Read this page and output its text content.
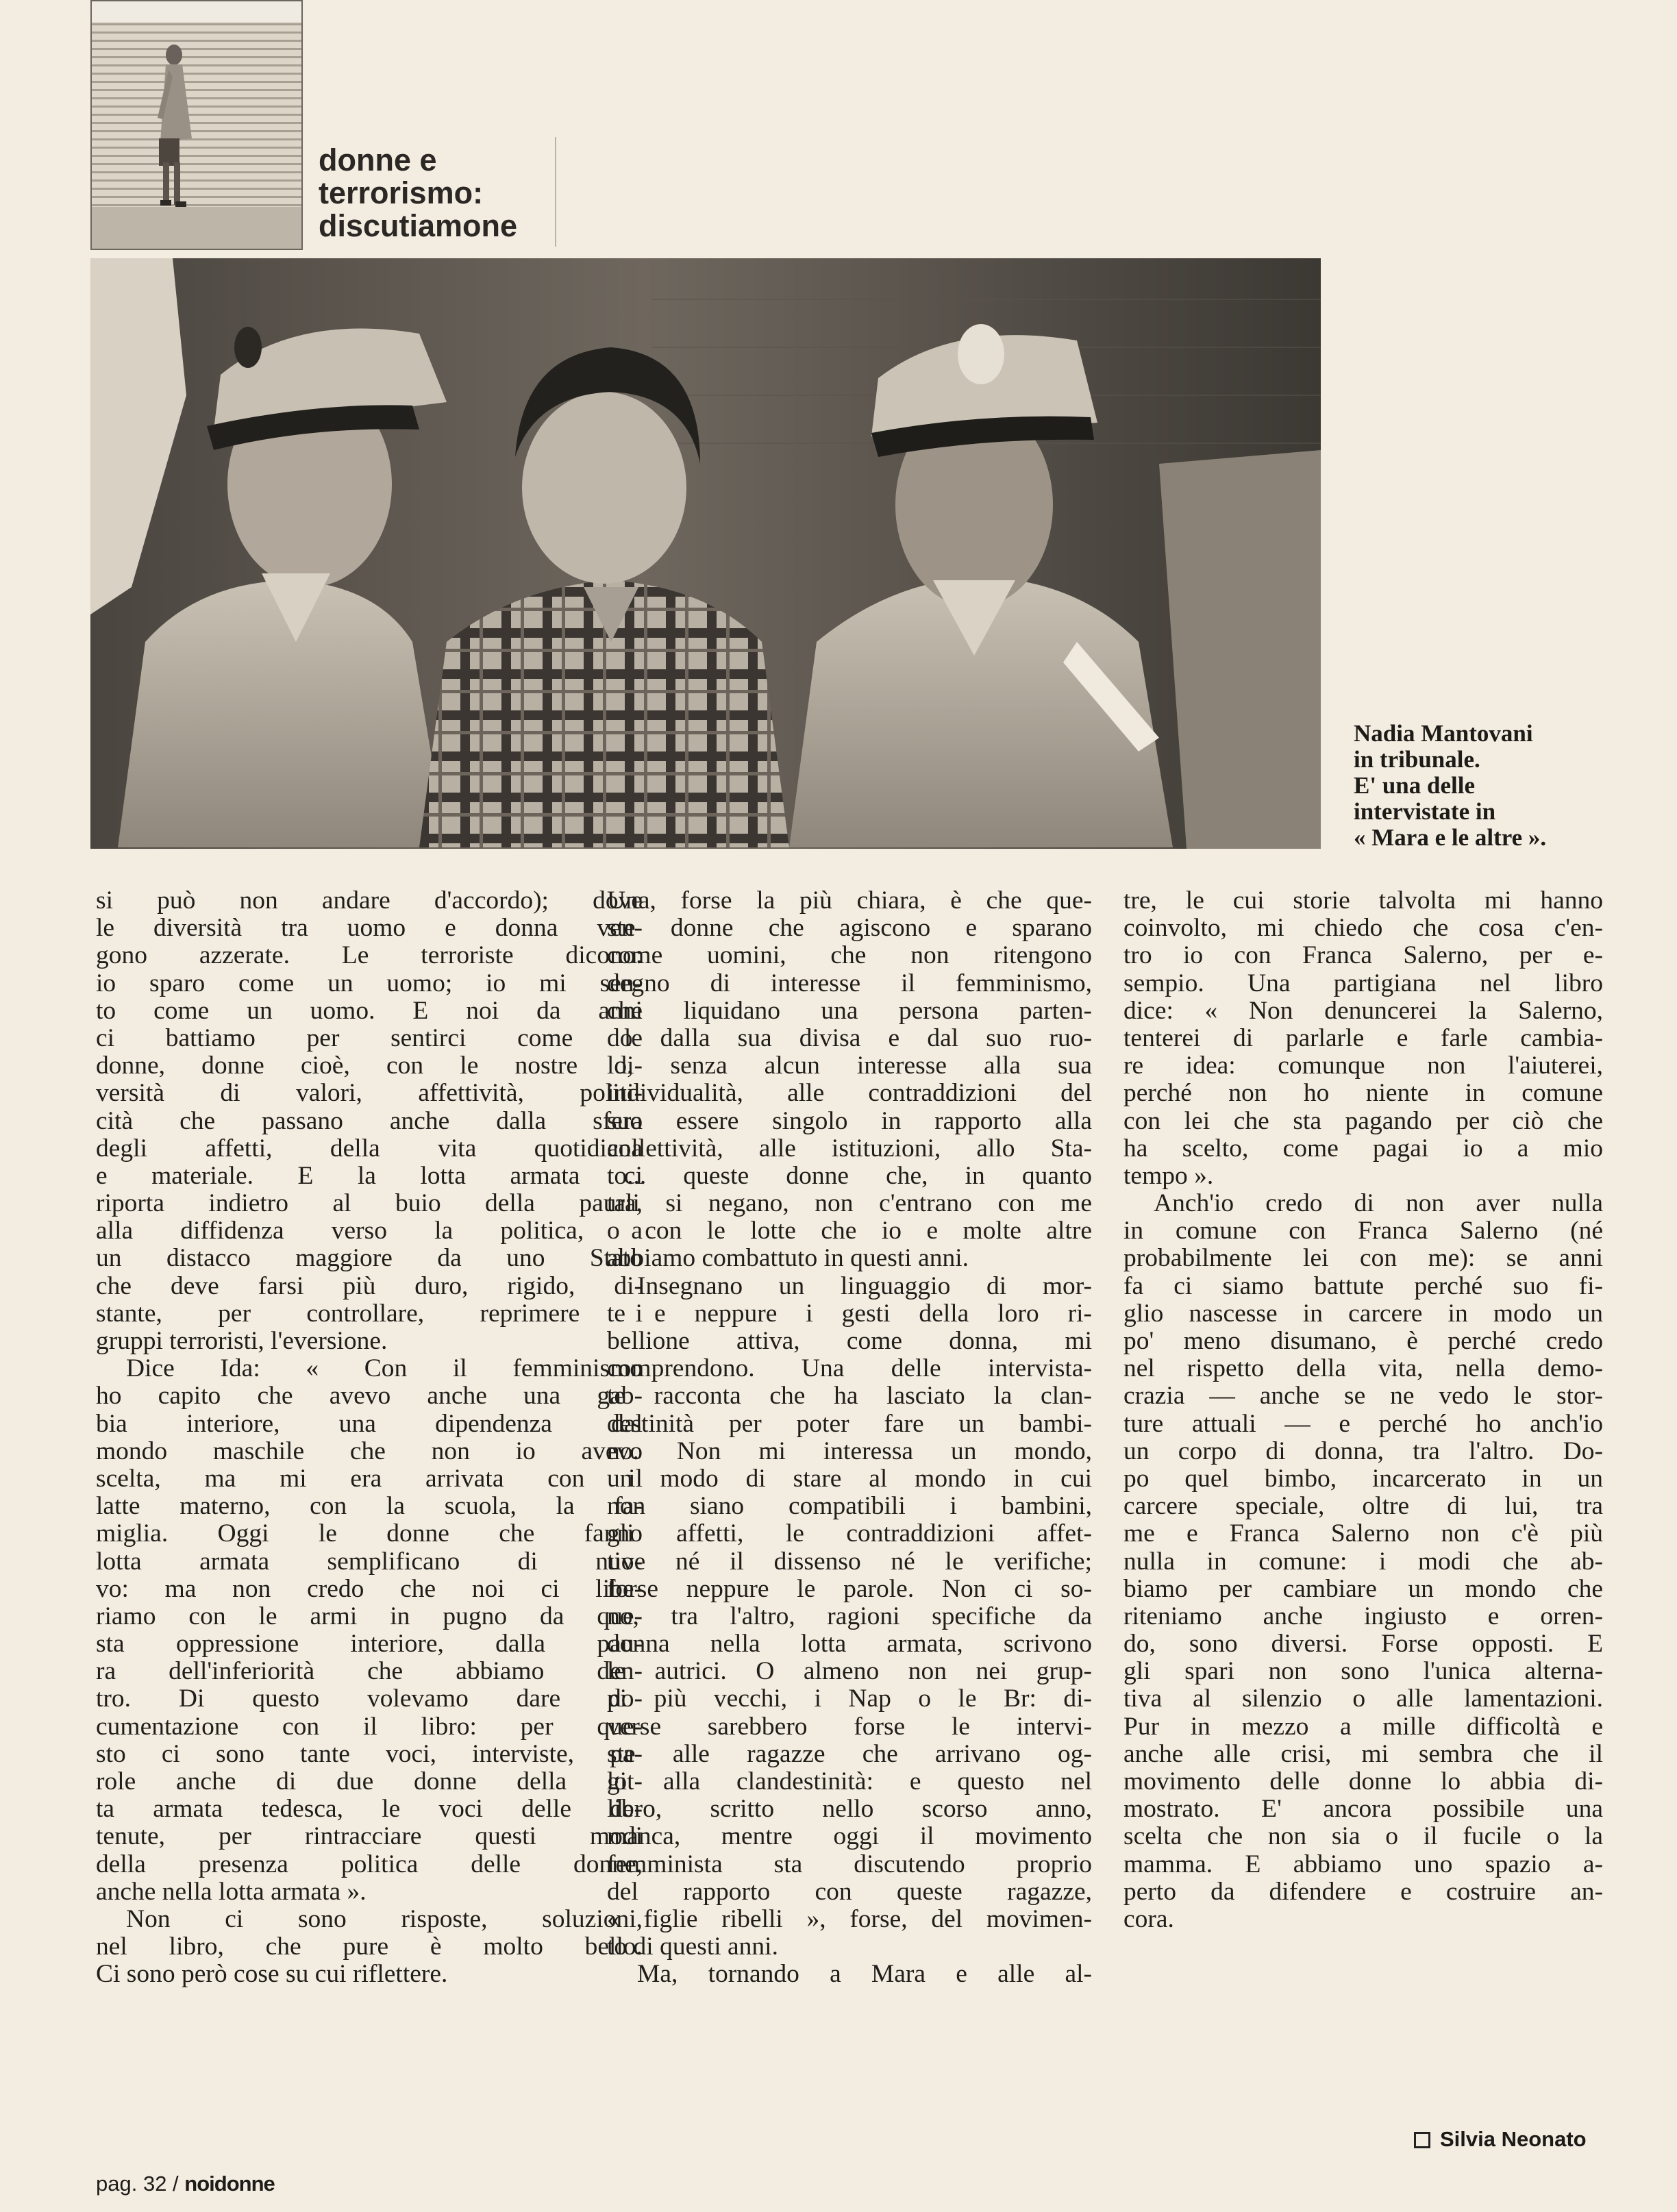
donne e
terrorismo:
discutiamone

Nadia Mantovani
in tribunale.
E' una delle
intervistate in
« Mara e le altre ».

si può non andare d'accordo); dove
le diversità tra uomo e donna ven-
gono azzerate. Le terroriste dicono:
io sparo come un uomo; io mi sen-
to come un uomo. E noi da anni
ci battiamo per sentirci come le
donne, donne cioè, con le nostre di-
versità di valori, affettività, politi-
cità che passano anche dalla sfera
degli affetti, della vita quotidiana
e materiale. E la lotta armata ci
riporta indietro al buio della paura,
alla diffidenza verso la politica, a
un distacco maggiore da uno Stato
che deve farsi più duro, rigido, di-
stante, per controllare, reprimere i
gruppi terroristi, l'eversione.
Dice Ida: « Con il femminismo
ho capito che avevo anche una gab-
bia interiore, una dipendenza dal
mondo maschile che non io avevo
scelta, ma mi era arrivata con il
latte materno, con la scuola, la fa-
miglia. Oggi le donne che fanno
lotta armata semplificano di nuo-
vo: ma non credo che noi ci libe-
riamo con le armi in pugno da que-
sta oppressione interiore, dalla pau-
ra dell'inferiorità che abbiamo den-
tro. Di questo volevamo dare do-
cumentazione con il libro: per que-
sto ci sono tante voci, interviste, pa-
role anche di due donne della lot-
ta armata tedesca, le voci delle de-
tenute, per rintracciare questi modi
della presenza politica delle donne,
anche nella lotta armata ».
Non ci sono risposte, soluzioni,
nel libro, che pure è molto bello.
Ci sono però cose su cui riflettere.
Una, forse la più chiara, è che que-
ste donne che agiscono e sparano
come uomini, che non ritengono
degno di interesse il femminismo,
che liquidano una persona parten-
do dalla sua divisa e dal suo ruo-
lo, senza alcun interesse alla sua
individualità, alle contraddizioni del
suo essere singolo in rapporto alla
collettività, alle istituzioni, allo Sta-
to... queste donne che, in quanto
tali si negano, non c'entrano con me
o con le lotte che io e molte altre
abbiamo combattuto in questi anni.
Insegnano un linguaggio di mor-
te e neppure i gesti della loro ri-
bellione attiva, come donna, mi
comprendono. Una delle intervista-
te racconta che ha lasciato la clan-
destinità per poter fare un bambi-
no. Non mi interessa un mondo,
un modo di stare al mondo in cui
non siano compatibili i bambini,
gli affetti, le contraddizioni affet-
tive né il dissenso né le verifiche;
forse neppure le parole. Non ci so-
no, tra l'altro, ragioni specifiche da
donna nella lotta armata, scrivono
le autrici. O almeno non nei grup-
pi più vecchi, i Nap o le Br: di-
verse sarebbero forse le intervi-
ste alle ragazze che arrivano og-
gi alla clandestinità: e questo nel
libro, scritto nello scorso anno,
manca, mentre oggi il movimento
femminista sta discutendo proprio
del rapporto con queste ragazze,
« figlie ribelli », forse, del movimen-
to di questi anni.
Ma, tornando a Mara e alle al-
tre, le cui storie talvolta mi hanno
coinvolto, mi chiedo che cosa c'en-
tro io con Franca Salerno, per e-
sempio. Una partigiana nel libro
dice: « Non denuncerei la Salerno,
tenterei di parlarle e farle cambia-
re idea: comunque non l'aiuterei,
perché non ho niente in comune
con lei che sta pagando per ciò che
ha scelto, come pagai io a mio
tempo ».
Anch'io credo di non aver nulla
in comune con Franca Salerno (né
probabilmente lei con me): se anni
fa ci siamo battute perché suo fi-
glio nascesse in carcere in modo un
po' meno disumano, è perché credo
nel rispetto della vita, nella demo-
crazia — anche se ne vedo le stor-
ture attuali — e perché ho anch'io
un corpo di donna, tra l'altro. Do-
po quel bimbo, incarcerato in un
carcere speciale, oltre di lui, tra
me e Franca Salerno non c'è più
nulla in comune: i modi che ab-
biamo per cambiare un mondo che
riteniamo anche ingiusto e orren-
do, sono diversi. Forse opposti. E
gli spari non sono l'unica alterna-
tiva al silenzio o alle lamentazioni.
Pur in mezzo a mille difficoltà e
anche alle crisi, mi sembra che il
movimento delle donne lo abbia di-
mostrato. E' ancora possibile una
scelta che non sia o il fucile o la
mamma. E abbiamo uno spazio a-
perto da difendere e costruire an-
cora.
Silvia Neonato
pag. 32 / noidonne
